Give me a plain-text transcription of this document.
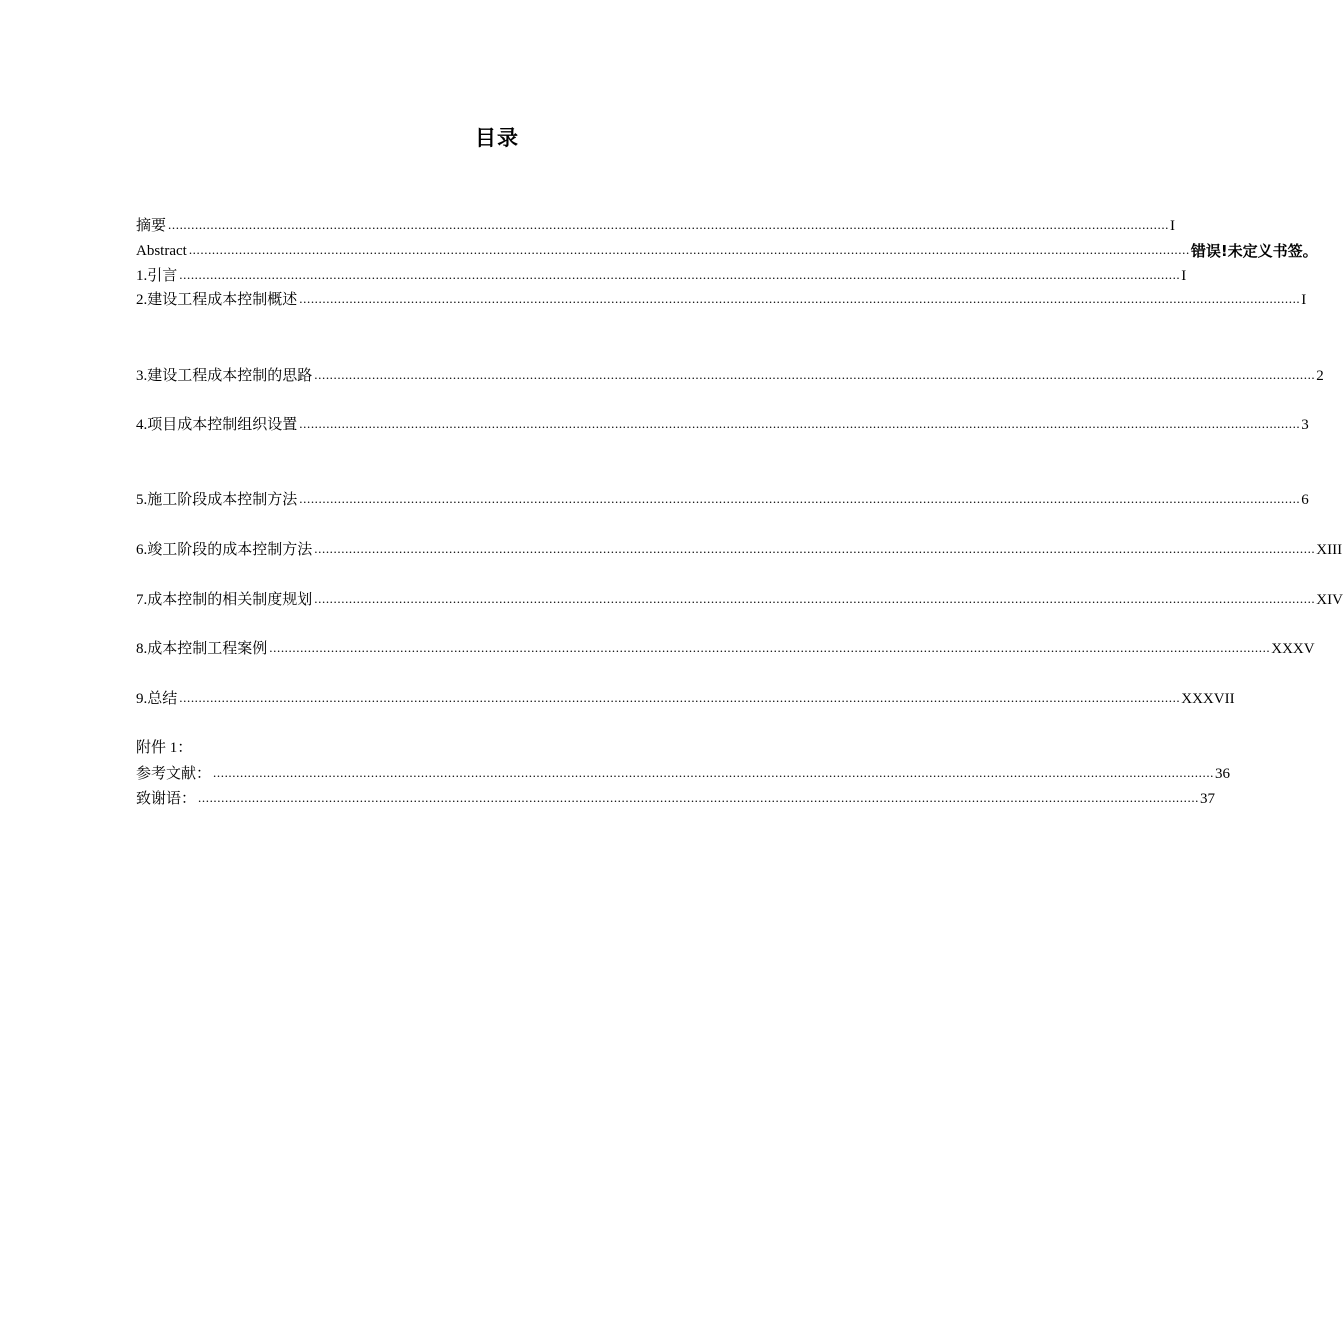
目录
摘要 .................................................................................................................................................................................................................................................................... I
Abstract .................................................................................................................................................................................................................................................................... 错误!未定义书签。
1.引言 .................................................................................................................................................................................................................................................................... I
2.建设工程成本控制概述 .................................................................................................................................................................................................................................................................... I
3.建设工程成本控制的思路 .................................................................................................................................................................................................................................................................... 2
4.项目成本控制组织设置 .................................................................................................................................................................................................................................................................... 3
5.施工阶段成本控制方法 .................................................................................................................................................................................................................................................................... 6
6.竣工阶段的成本控制方法 .................................................................................................................................................................................................................................................................... XIII
7.成本控制的相关制度规划 .................................................................................................................................................................................................................................................................... XIV
8.成本控制工程案例 .................................................................................................................................................................................................................................................................... XXXV
9.总结 .................................................................................................................................................................................................................................................................... XXXVII
附件 1：
参考文献： .................................................................................................................................................................................................................................................................... 36
致谢语： .................................................................................................................................................................................................................................................................... 37
